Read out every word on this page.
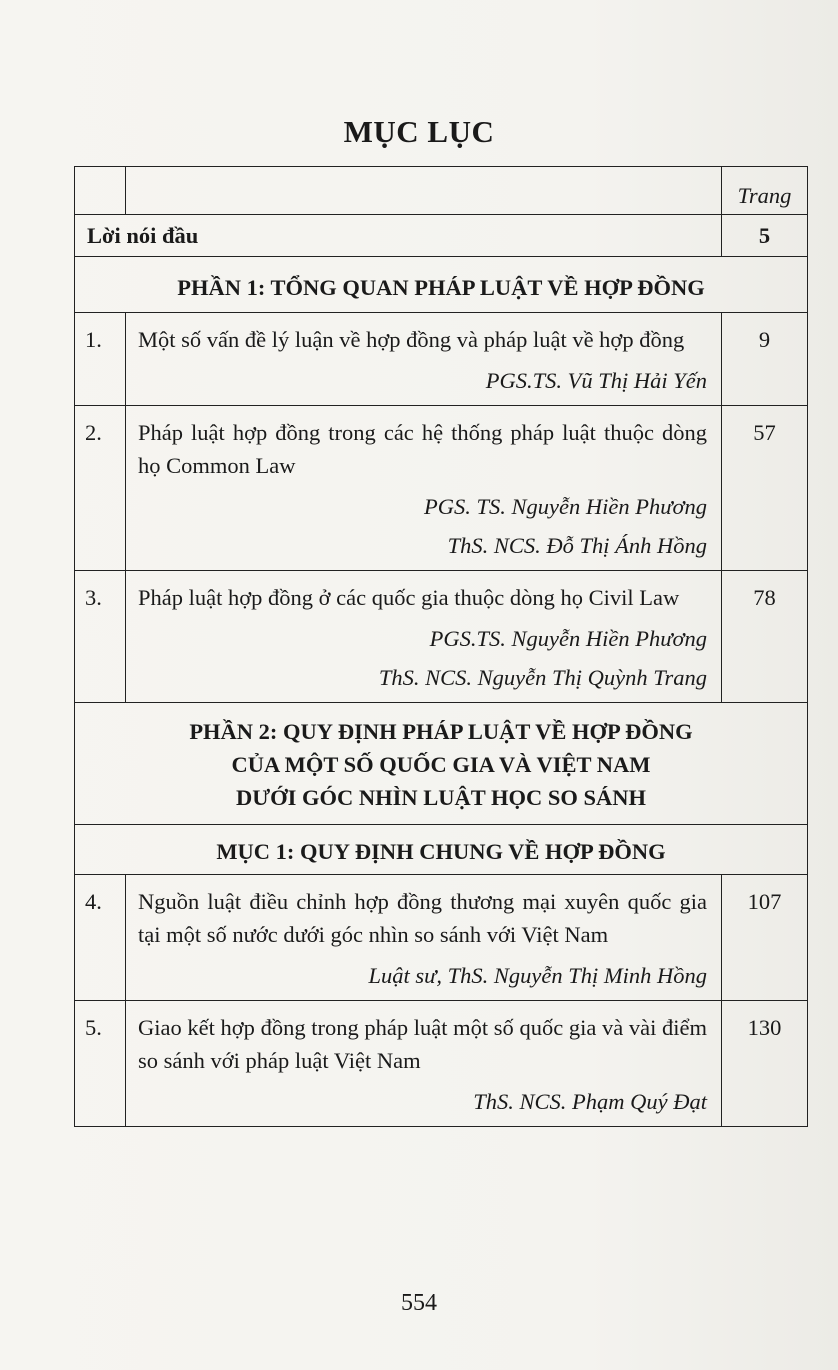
MỤC LỤC
		Trang
Lời nói đầu		5
PHẦN 1: TỔNG QUAN PHÁP LUẬT VỀ HỢP ĐỒNG		
1.	Một số vấn đề lý luận về hợp đồng và pháp luật về hợp đồng
PGS.TS. Vũ Thị Hải Yến	9
2.	Pháp luật hợp đồng trong các hệ thống pháp luật thuộc dòng họ Common Law
PGS. TS. Nguyễn Hiền Phương
ThS. NCS. Đỗ Thị Ánh Hồng	57
3.	Pháp luật hợp đồng ở các quốc gia thuộc dòng họ Civil Law
PGS.TS. Nguyễn Hiền Phương
ThS. NCS. Nguyễn Thị Quỳnh Trang	78

PHẦN 2: QUY ĐỊNH PHÁP LUẬT VỀ HỢP ĐỒNG
CỦA MỘT SỐ QUỐC GIA VÀ VIỆT NAM
DƯỚI GÓC NHÌN LUẬT HỌC SO SÁNH		

MỤC 1: QUY ĐỊNH CHUNG VỀ HỢP ĐỒNG		
4.	Nguồn luật điều chỉnh hợp đồng thương mại xuyên quốc gia tại một số nước dưới góc nhìn so sánh với Việt Nam
Luật sư, ThS. Nguyễn Thị Minh Hồng	107
5.	Giao kết hợp đồng trong pháp luật một số quốc gia và vài điểm so sánh với pháp luật Việt Nam
ThS. NCS. Phạm Quý Đạt	130
554
